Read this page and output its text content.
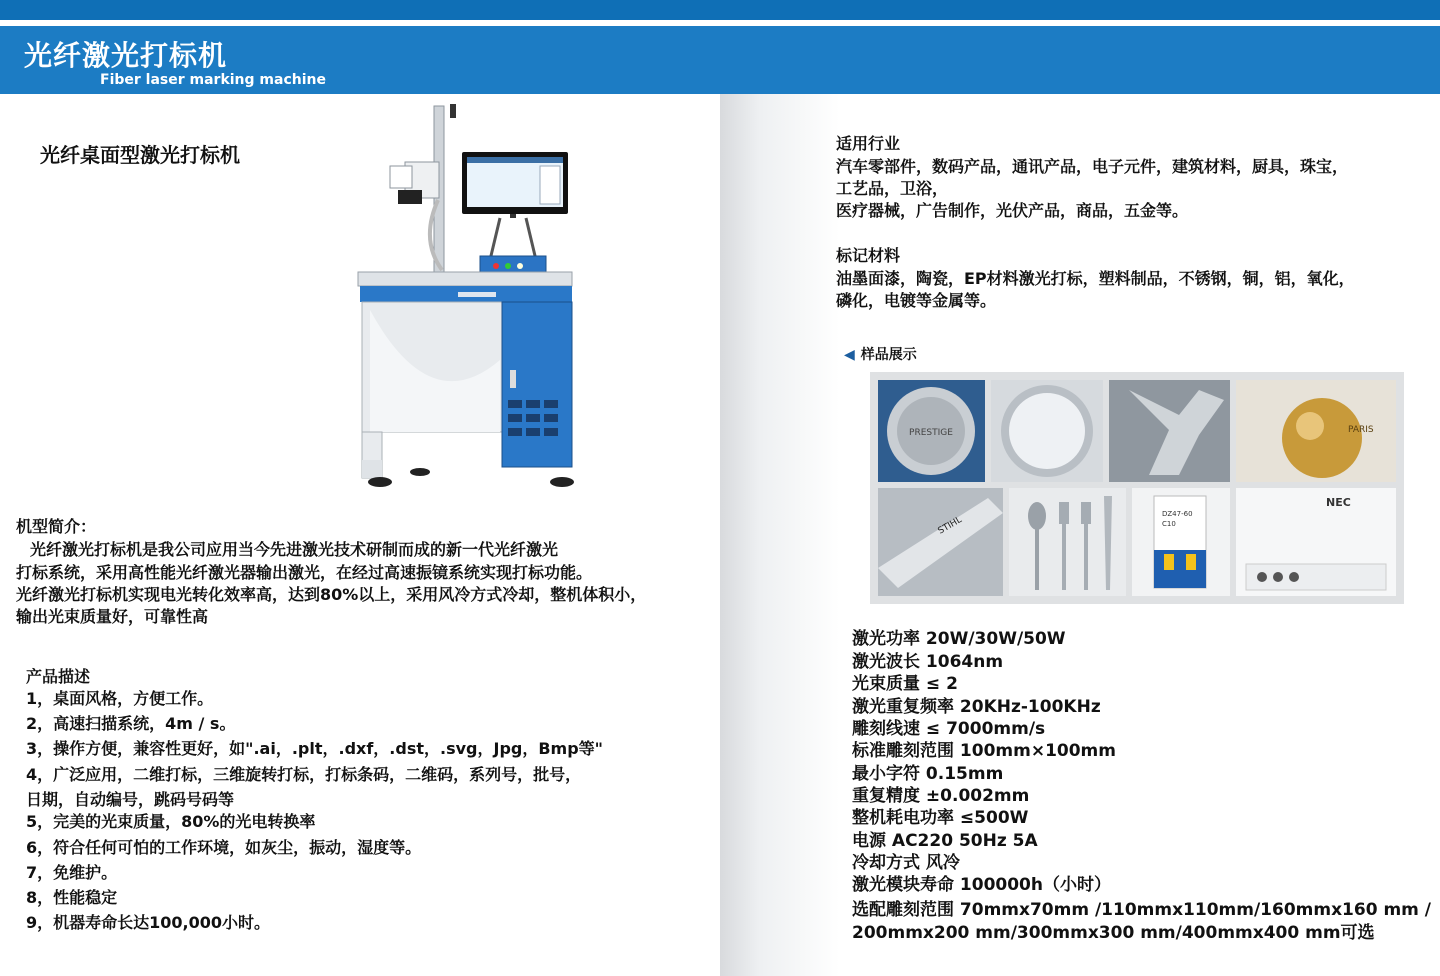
光纤激光打标机
Fiber laser marking machine
光纤桌面型激光打标机
机型简介：
光纤激光打标机是我公司应用当今先进激光技术研制而成的新一代光纤激光
打标系统，采用高性能光纤激光器输出激光，在经过高速振镜系统实现打标功能。
光纤激光打标机实现电光转化效率高，达到80%以上，采用风冷方式冷却，整机体积小，
输出光束质量好，可靠性高
产品描述
1，桌面风格，方便工作。
2，高速扫描系统，4m / s。
3，操作方便，兼容性更好，如".ai，.plt，.dxf，.dst，.svg，Jpg，Bmp等"
4，广泛应用，二维打标，三维旋转打标，打标条码，二维码，系列号，批号，
日期，自动编号，跳码号码等
5，完美的光束质量，80%的光电转换率
6，符合任何可怕的工作环境，如灰尘，振动，湿度等。
7，免维护。
8，性能稳定
9，机器寿命长达100,000小时。
适用行业
汽车零部件，数码产品，通讯产品，电子元件，建筑材料，厨具，珠宝，
工艺品，卫浴，
医疗器械，广告制作，光伏产品，商品，五金等。
标记材料
油墨面漆，陶瓷，EP材料激光打标，塑料制品，不锈钢，铜，铝，氧化，
磷化，电镀等金属等。
◀ 样品展示
PRESTIGE	PARIS
STIHL
DZ47-60
C10
NEC
激光功率 20W/30W/50W
激光波长 1064nm
光束质量 ≤ 2
激光重复频率 20KHz-100KHz
雕刻线速 ≤ 7000mm/s
标准雕刻范围 100mm×100mm
最小字符 0.15mm
重复精度 ±0.002mm
整机耗电功率 ≤500W
电源 AC220 50Hz 5A
冷却方式 风冷
激光模块寿命 100000h（小时）
选配雕刻范围 70mmx70mm /110mmx110mm/160mmx160 mm /
200mmx200 mm/300mmx300 mm/400mmx400 mm可选
